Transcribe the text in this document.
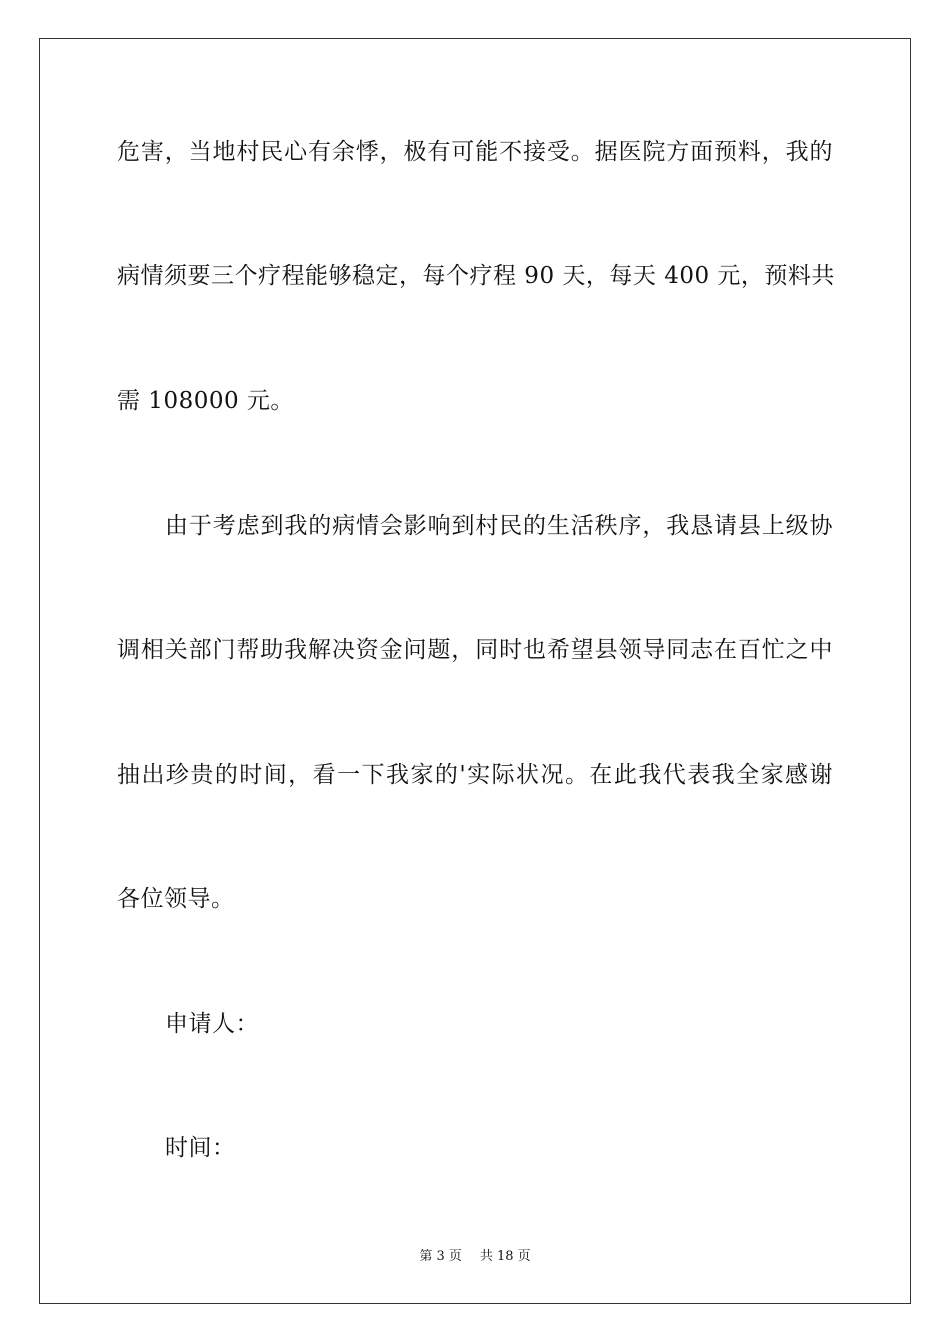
危害，当地村民心有余悸，极有可能不接受。据医院方面预料，我的
病情须要三个疗程能够稳定，每个疗程 90 天，每天 400 元，预料共
需 108000 元。
由于考虑到我的病情会影响到村民的生活秩序，我恳请县上级协
调相关部门帮助我解决资金问题，同时也希望县领导同志在百忙之中
抽出珍贵的时间，看一下我家的'实际状况。在此我代表我全家感谢
各位领导。
申请人：
时间：
第 3 页 共 18 页
